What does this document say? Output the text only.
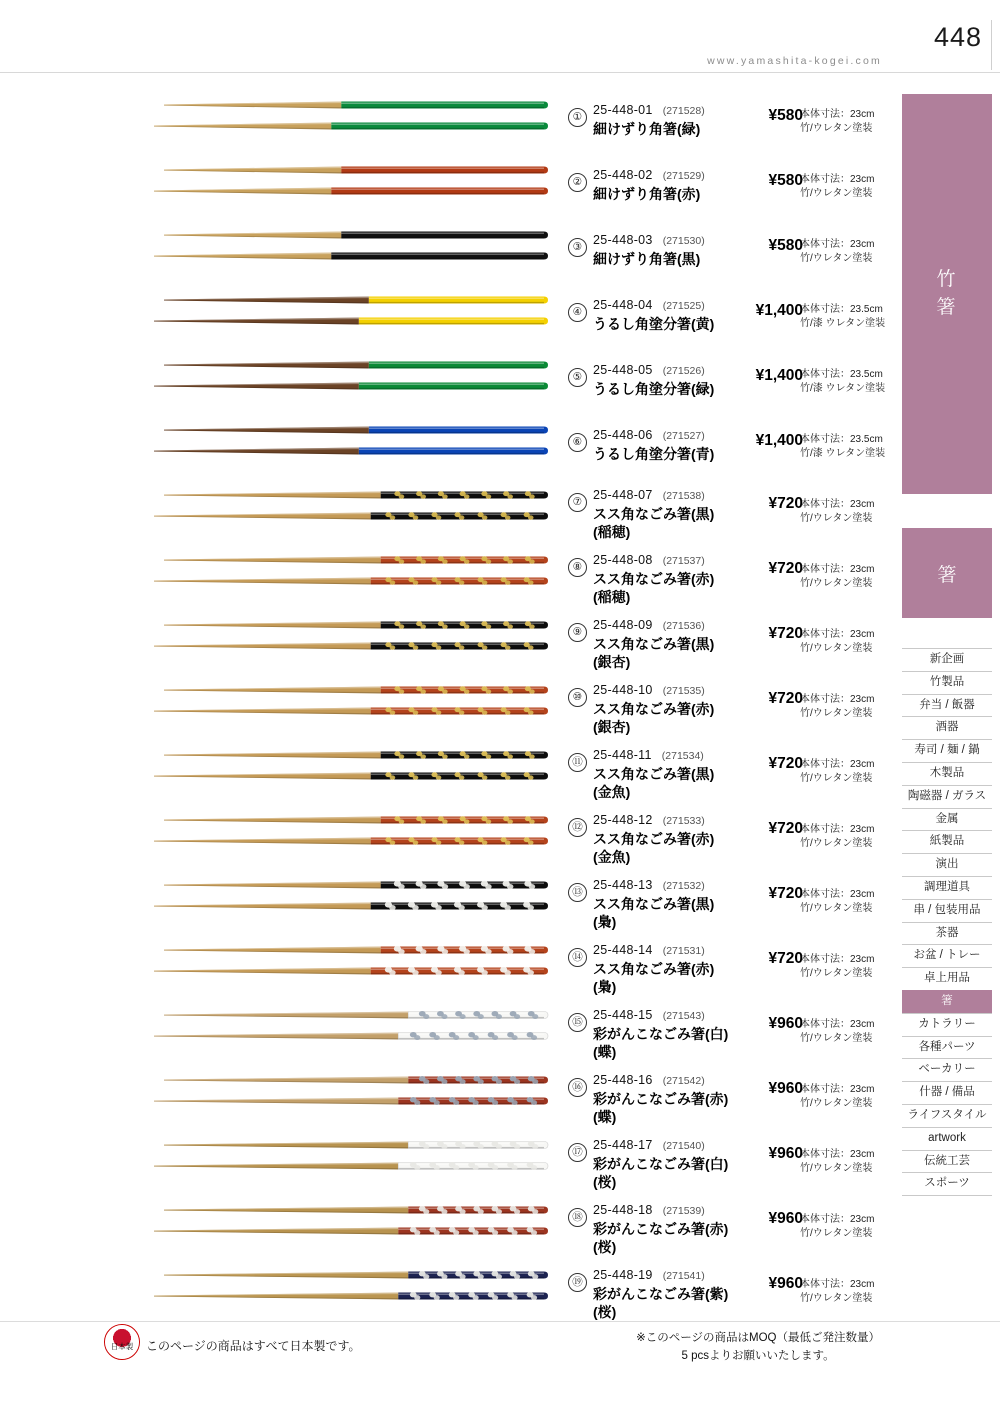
448
www.yamashita-kogei.com
① 25-448-01 (271528)
細けずり角箸(緑)
¥580
本体寸法：23cm
竹/ウレタン塗装
② 25-448-02 (271529)
細けずり角箸(赤)
¥580
本体寸法：23cm
竹/ウレタン塗装
③ 25-448-03 (271530)
細けずり角箸(黒)
¥580
本体寸法：23cm
竹/ウレタン塗装
④ 25-448-04 (271525)
うるし角塗分箸(黄)
¥1,400
本体寸法：23.5cm
竹/漆 ウレタン塗装
⑤ 25-448-05 (271526)
うるし角塗分箸(緑)
¥1,400
本体寸法：23.5cm
竹/漆 ウレタン塗装
⑥ 25-448-06 (271527)
うるし角塗分箸(青)
¥1,400
本体寸法：23.5cm
竹/漆 ウレタン塗装
⑦ 25-448-07 (271538)
スス角なごみ箸(黒)
(稲穂)
¥720
本体寸法：23cm
竹/ウレタン塗装
⑧ 25-448-08 (271537)
スス角なごみ箸(赤)
(稲穂)
¥720
本体寸法：23cm
竹/ウレタン塗装
⑨ 25-448-09 (271536)
スス角なごみ箸(黒)
(銀杏)
¥720
本体寸法：23cm
竹/ウレタン塗装
⑩ 25-448-10 (271535)
スス角なごみ箸(赤)
(銀杏)
¥720
本体寸法：23cm
竹/ウレタン塗装
⑪ 25-448-11 (271534)
スス角なごみ箸(黒)
(金魚)
¥720
本体寸法：23cm
竹/ウレタン塗装
⑫ 25-448-12 (271533)
スス角なごみ箸(赤)
(金魚)
¥720
本体寸法：23cm
竹/ウレタン塗装
⑬ 25-448-13 (271532)
スス角なごみ箸(黒)
(梟)
¥720
本体寸法：23cm
竹/ウレタン塗装
⑭ 25-448-14 (271531)
スス角なごみ箸(赤)
(梟)
¥720
本体寸法：23cm
竹/ウレタン塗装
⑮ 25-448-15 (271543)
彩がんこなごみ箸(白)
(蝶)
¥960
本体寸法：23cm
竹/ウレタン塗装
⑯ 25-448-16 (271542)
彩がんこなごみ箸(赤)
(蝶)
¥960
本体寸法：23cm
竹/ウレタン塗装
⑰ 25-448-17 (271540)
彩がんこなごみ箸(白)
(桜)
¥960
本体寸法：23cm
竹/ウレタン塗装
⑱ 25-448-18 (271539)
彩がんこなごみ箸(赤)
(桜)
¥960
本体寸法：23cm
竹/ウレタン塗装
⑲ 25-448-19 (271541)
彩がんこなごみ箸(紫)
(桜)
¥960
本体寸法：23cm
竹/ウレタン塗装
竹
箸
箸
新企画
竹製品
弁当 / 飯器
酒器
寿司 / 麺 / 鍋
木製品
陶磁器 / ガラス
金属
紙製品
演出
調理道具
串 / 包装用品
茶器
お盆 / トレー
卓上用品
箸
カトラリー
各種パーツ
ベーカリー
什器 / 備品
ライフスタイル
artwork
伝統工芸
スポーツ
日本製 このページの商品はすべて日本製です。
※このページの商品はMOQ（最低ご発注数量）
5 pcsよりお願いいたします。
